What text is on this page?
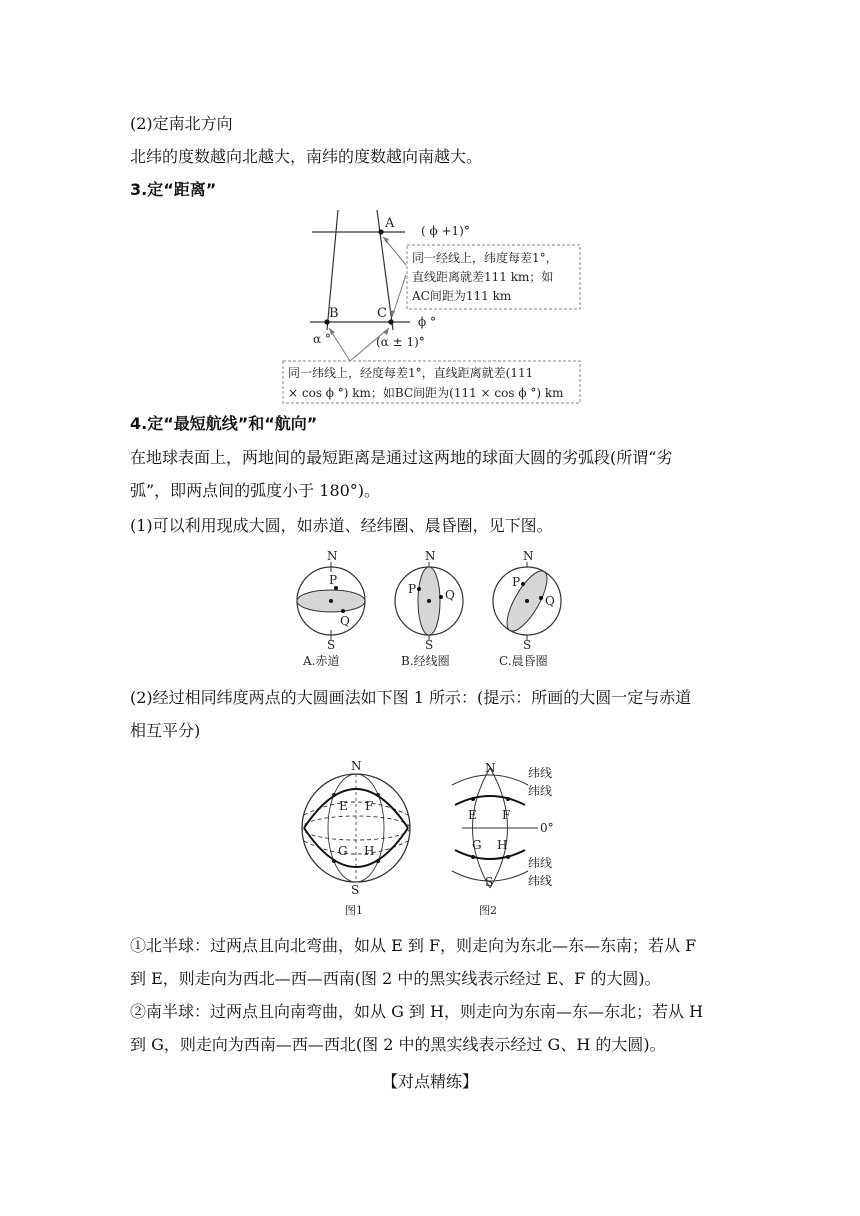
(2)定南北方向
北纬的度数越向北越大，南纬的度数越向南越大。
3.定“距离”
A
B	C
( ϕ +1)°
ϕ °
α °	(α ± 1)°
同一经线上，纬度每差1°，
直线距离就差111 km；如
AC间距为111 km
同一纬线上，经度每差1°，直线距离就差(111
× cos ϕ °) km；如BC间距为(111 × cos ϕ °) km
4.定“最短航线”和“航向”
在地球表面上，两地间的最短距离是通过这两地的球面大圆的劣弧段(所谓“劣
弧”，即两点间的弧度小于 180°)。
(1)可以利用现成大圆，如赤道、经纬圈、晨昏圈，见下图。
N
S
P
Q
A.赤道
N
S
P Q
B.经线圈
N
S
P
Q
C.晨昏圈
(2)经过相同纬度两点的大圆画法如下图 1 所示：(提示：所画的大圆一定与赤道
相互平分)
N
S
E F
G H
图1
N
S
E F
G H
纬线
纬线
0°
纬线
纬线
图2
①北半球：过两点且向北弯曲，如从 E 到 F，则走向为东北—东—东南；若从 F
到 E，则走向为西北—西—西南(图 2 中的黑实线表示经过 E、F 的大圆)。
②南半球：过两点且向南弯曲，如从 G 到 H，则走向为东南—东—东北；若从 H
到 G，则走向为西南—西—西北(图 2 中的黑实线表示经过 G、H 的大圆)。
【对点精练】
